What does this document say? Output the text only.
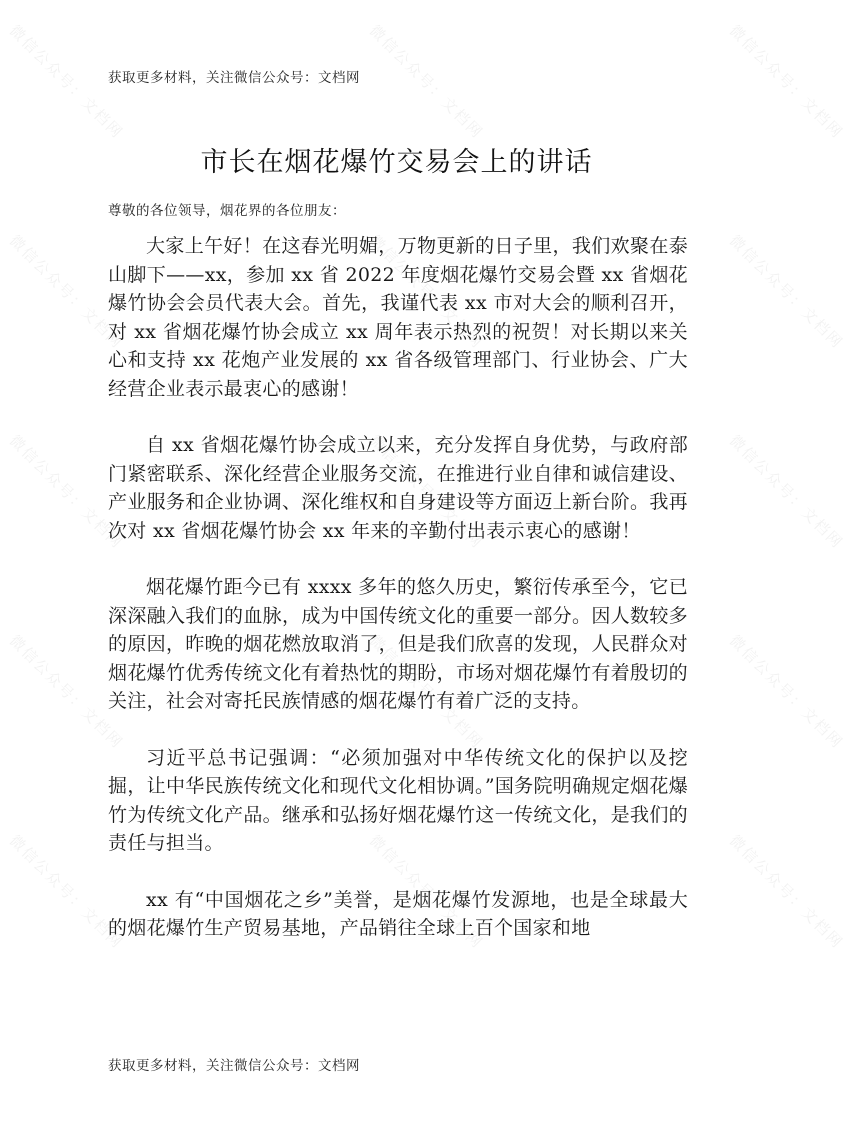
微信公众号：文档网	微信公众号：文档网	微信公众号：文档网
微信公众号：文档网	微信公众号：文档网	微信公众号：文档网
微信公众号：文档网	微信公众号：文档网	微信公众号：文档网
微信公众号：文档网	微信公众号：文档网	微信公众号：文档网
微信公众号：文档网	微信公众号：文档网	微信公众号：文档网
获取更多材料，关注微信公众号：文档网
市长在烟花爆竹交易会上的讲话
尊敬的各位领导，烟花界的各位朋友：

大家上午好！在这春光明媚，万物更新的日子里，我们欢聚在泰山脚下——xx，参加 xx 省 2022 年度烟花爆竹交易会暨 xx 省烟花爆竹协会会员代表大会。首先，我谨代表 xx 市对大会的顺利召开，对 xx 省烟花爆竹协会成立 xx 周年表示热烈的祝贺！对长期以来关心和支持 xx 花炮产业发展的 xx 省各级管理部门、行业协会、广大经营企业表示最衷心的感谢！

自 xx 省烟花爆竹协会成立以来，充分发挥自身优势，与政府部门紧密联系、深化经营企业服务交流，在推进行业自律和诚信建设、产业服务和企业协调、深化维权和自身建设等方面迈上新台阶。我再次对 xx 省烟花爆竹协会 xx 年来的辛勤付出表示衷心的感谢！

烟花爆竹距今已有 xxxx 多年的悠久历史，繁衍传承至今，它已深深融入我们的血脉，成为中国传统文化的重要一部分。因人数较多的原因，昨晚的烟花燃放取消了，但是我们欣喜的发现，人民群众对烟花爆竹优秀传统文化有着热忱的期盼，市场对烟花爆竹有着殷切的关注，社会对寄托民族情感的烟花爆竹有着广泛的支持。

习近平总书记强调：“必须加强对中华传统文化的保护以及挖掘，让中华民族传统文化和现代文化相协调。”国务院明确规定烟花爆竹为传统文化产品。继承和弘扬好烟花爆竹这一传统文化，是我们的责任与担当。

xx 有“中国烟花之乡”美誉，是烟花爆竹发源地，也是全球最大的烟花爆竹生产贸易基地，产品销往全球上百个国家和地

获取更多材料，关注微信公众号：文档网
